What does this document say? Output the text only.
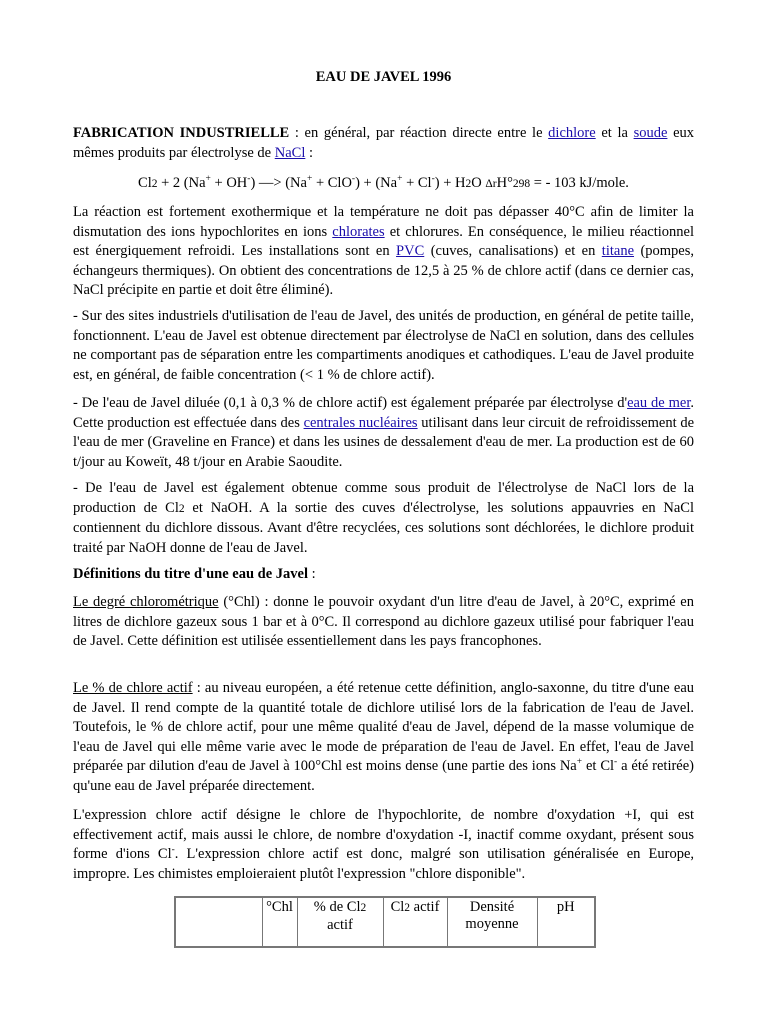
EAU DE JAVEL 1996

FABRICATION INDUSTRIELLE : en général, par réaction directe entre le dichlore et la soude eux mêmes produits par électrolyse de NaCl :

Cl2 + 2 (Na+ + OH-) —> (Na+ + ClO-) + (Na+ + Cl-) + H2O ΔrH°298 = - 103 kJ/mole.

La réaction est fortement exothermique et la température ne doit pas dépasser 40°C afin de limiter la dismutation des ions hypochlorites en ions chlorates et chlorures. En conséquence, le milieu réactionnel est énergiquement refroidi. Les installations sont en PVC (cuves, canalisations) et en titane (pompes, échangeurs thermiques). On obtient des concentrations de 12,5 à 25 % de chlore actif (dans ce dernier cas, NaCl précipite en partie et doit être éliminé).

- Sur des sites industriels d'utilisation de l'eau de Javel, des unités de production, en général de petite taille, fonctionnent. L'eau de Javel est obtenue directement par électrolyse de NaCl en solution, dans des cellules ne comportant pas de séparation entre les compartiments anodiques et cathodiques. L'eau de Javel produite est, en général, de faible concentration (< 1 % de chlore actif).

- De l'eau de Javel diluée (0,1 à 0,3 % de chlore actif) est également préparée par électrolyse d'eau de mer. Cette production est effectuée dans des centrales nucléaires utilisant dans leur circuit de refroidissement de l'eau de mer (Graveline en France) et dans les usines de dessalement d'eau de mer. La production est de 60 t/jour au Koweït, 48 t/jour en Arabie Saoudite.

- De l'eau de Javel est également obtenue comme sous produit de l'électrolyse de NaCl lors de la production de Cl2 et NaOH. A la sortie des cuves d'électrolyse, les solutions appauvries en NaCl contiennent du dichlore dissous. Avant d'être recyclées, ces solutions sont déchlorées, le dichlore produit traité par NaOH donne de l'eau de Javel.

Définitions du titre d'une eau de Javel :

Le degré chlorométrique (°Chl) : donne le pouvoir oxydant d'un litre d'eau de Javel, à 20°C, exprimé en litres de dichlore gazeux sous 1 bar et à 0°C. Il correspond au dichlore gazeux utilisé pour fabriquer l'eau de Javel. Cette définition est utilisée essentiellement dans les pays francophones.

Le % de chlore actif : au niveau européen, a été retenue cette définition, anglo-saxonne, du titre d'une eau de Javel. Il rend compte de la quantité totale de dichlore utilisé lors de la fabrication de l'eau de Javel. Toutefois, le % de chlore actif, pour une même qualité d'eau de Javel, dépend de la masse volumique de l'eau de Javel qui elle même varie avec le mode de préparation de l'eau de Javel. En effet, l'eau de Javel préparée par dilution d'eau de Javel à 100°Chl est moins dense (une partie des ions Na+ et Cl- a été retirée) qu'une eau de Javel préparée directement.

L'expression chlore actif désigne le chlore de l'hypochlorite, de nombre d'oxydation +I, qui est effectivement actif, mais aussi le chlore, de nombre d'oxydation -I, inactif comme oxydant, présent sous forme d'ions Cl-. L'expression chlore actif est donc, malgré son utilisation généralisée en Europe, impropre. Les chimistes emploieraient plutôt l'expression "chlore disponible".

	°Chl	% de Cl2 actif	Cl2 actif	Densité moyenne	pH
